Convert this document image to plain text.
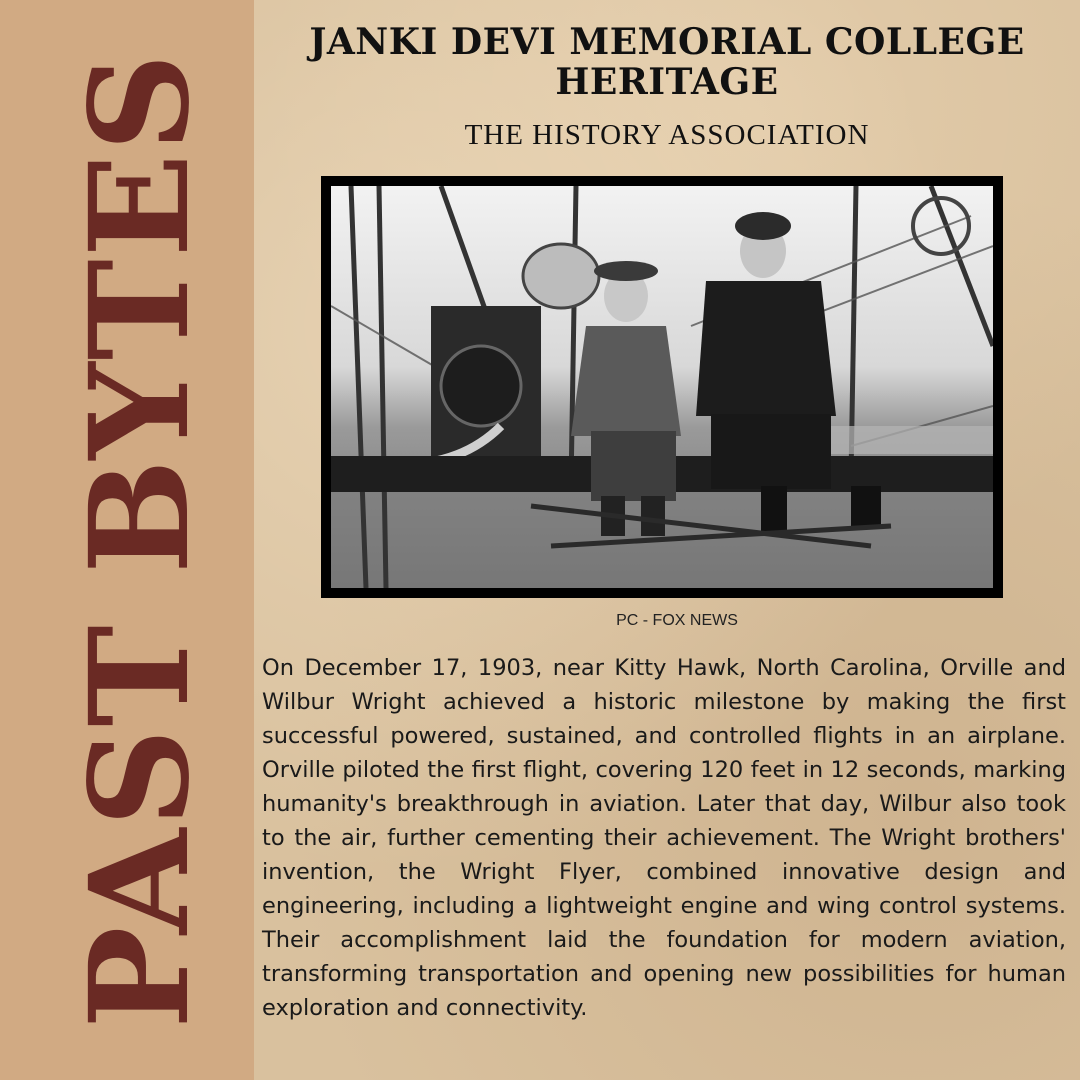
PAST BYTES
JANKI DEVI MEMORIAL COLLEGE HERITAGE
THE HISTORY ASSOCIATION
PC - FOX NEWS
On December 17, 1903, near Kitty Hawk, North Carolina, Orville and Wilbur Wright achieved a historic milestone by making the first successful powered, sustained, and controlled flights in an airplane. Orville piloted the first flight, covering 120 feet in 12 seconds, marking humanity's breakthrough in aviation. Later that day, Wilbur also took to the air, further cementing their achievement. The Wright brothers' invention, the Wright Flyer, combined innovative design and engineering, including a lightweight engine and wing control systems. Their accomplishment laid the foundation for modern aviation, transforming transportation and opening new possibilities for human exploration and connectivity.
